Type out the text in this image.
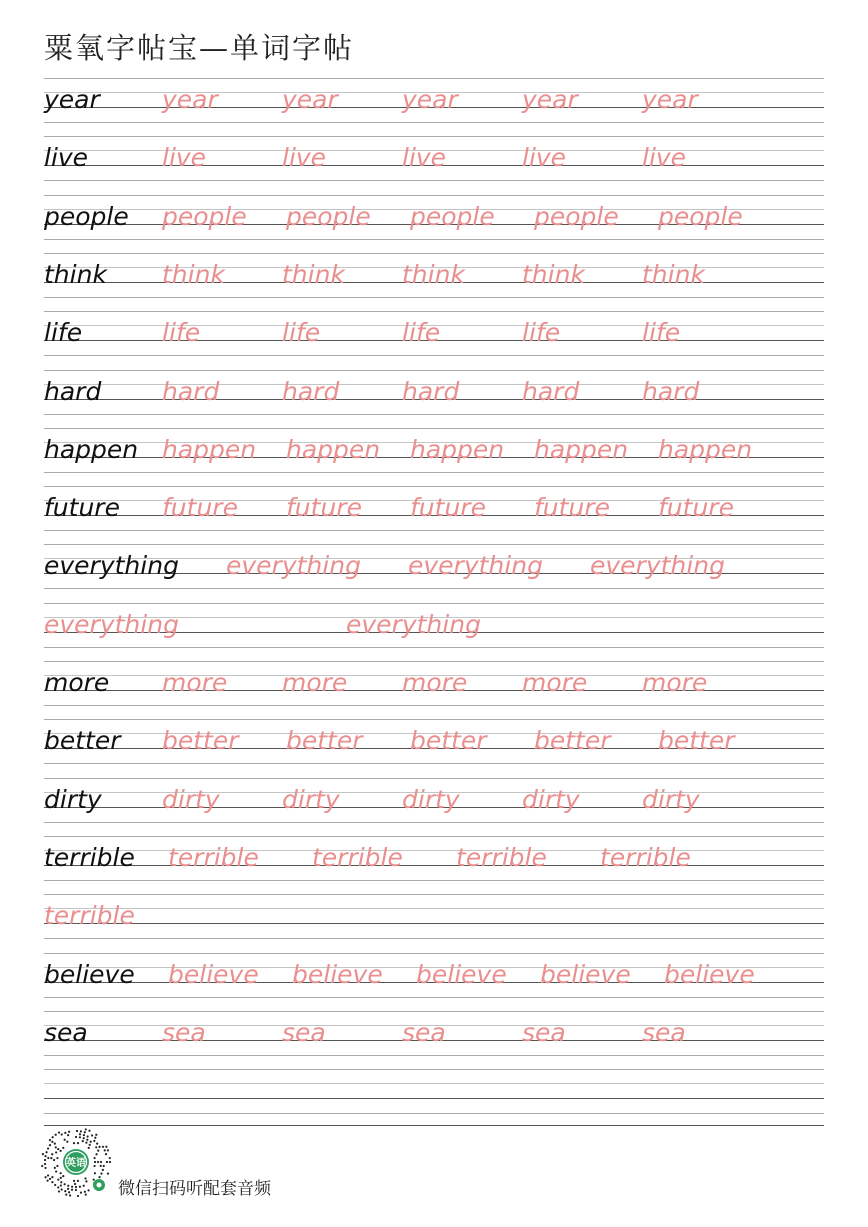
粟氧字帖宝—单词字帖
year year	year	year	year	year
live	live	live	live	live	live
people people people people people people
think think think think think think
life	life	life	life	life	life
hard hard	hard	hard	hard	hard
happen happen happen happen happen happen
future future future future future future
everything everything everything everything
everything	everything
more more more more more more
better better better better better better
dirty dirty dirty dirty dirty dirty
terrible terrible terrible terrible terrible
terrible
believe believe believe believe believe believe
sea	sea	sea	sea	sea	sea
英语
微信扫码听配套音频
